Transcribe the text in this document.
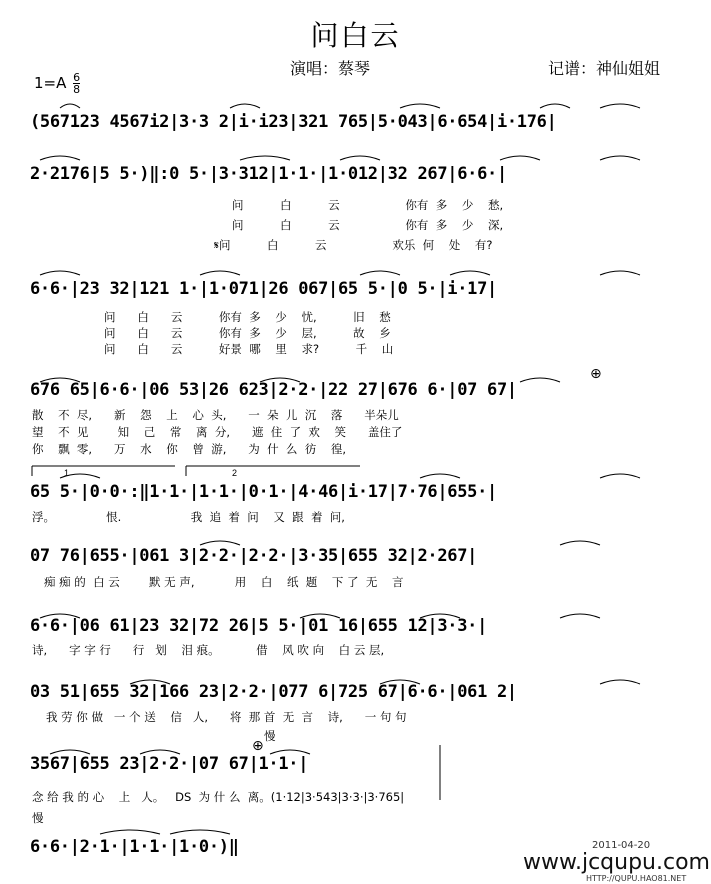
问白云
演唱：蔡琴	记谱：神仙姐姐
$1=A \frac{6}{8}$
1	2
(567123 4567i2|3·3 2|i·i23|321 765|5·043|6·654|i·176|
2·2176|5 5·)‖:0 5·|3·312|1·1·|1·012|32 267|6·6·|
问          白          云                  你有  多    少    愁,
问          白          云                  你有  多    少    深,
𝄋问          白          云                  欢乐  何    处    有?
6·6·|23 32|121 1·|1·071|26 067|65 5·|0 5·|i·17|
问      白      云          你有  多    少    忧,          旧    愁
问      白      云          你有  多    少    层,          故    乡
问      白      云          好景  哪    里    求?          千    山
676 65|6·6·|06 53|26 623|2·2·|22 27|676 6·|07 67|
散    不  尽,      新    怨    上    心  头,      一  朵  儿  沉    落      半朵儿
望    不  见        知    己    常    离  分,      遮  住  了  欢    笑      盖住了
你    飘  零,      万    水    你    曾  游,      为  什  么  彷    徨,
65 5·|0·0·:‖1·1·|1·1·|0·1·|4·46|i·17|7·76|655·|
浮。              恨.                   我  追  着  问    又  跟  着  问,
07 76|655·|061 3|2·2·|2·2·|3·35|655 32|2·267|
痴 痴 的  白 云        默 无 声,           用    白    纸  题    下 了  无    言
6·6·|06 61|23 32|72 26|5 5·|01 16|655 12|3·3·|
诗,      字 字 行      行   划    泪 痕。          借    风 吹 向    白 云 层,
03 51|655 32|166 23|2·2·|077 6|725 67|6·6·|061 2|
我 劳 你 做   一 个 送    信   人,      将  那 首  无  言    诗,      一 句 句
慢
3567|655 23|2·2·|07 67|1·1·|
念 给 我 的 心    上   人。   DS  为 什 么  离。(1·12|3·543|3·3·|3·765|
慢
6·6·|2·1·|1·1·|1·0·)‖
⊕
⊕
2011-04-20
www.jcqupu.com
HTTP://QUPU.HAO81.NET
